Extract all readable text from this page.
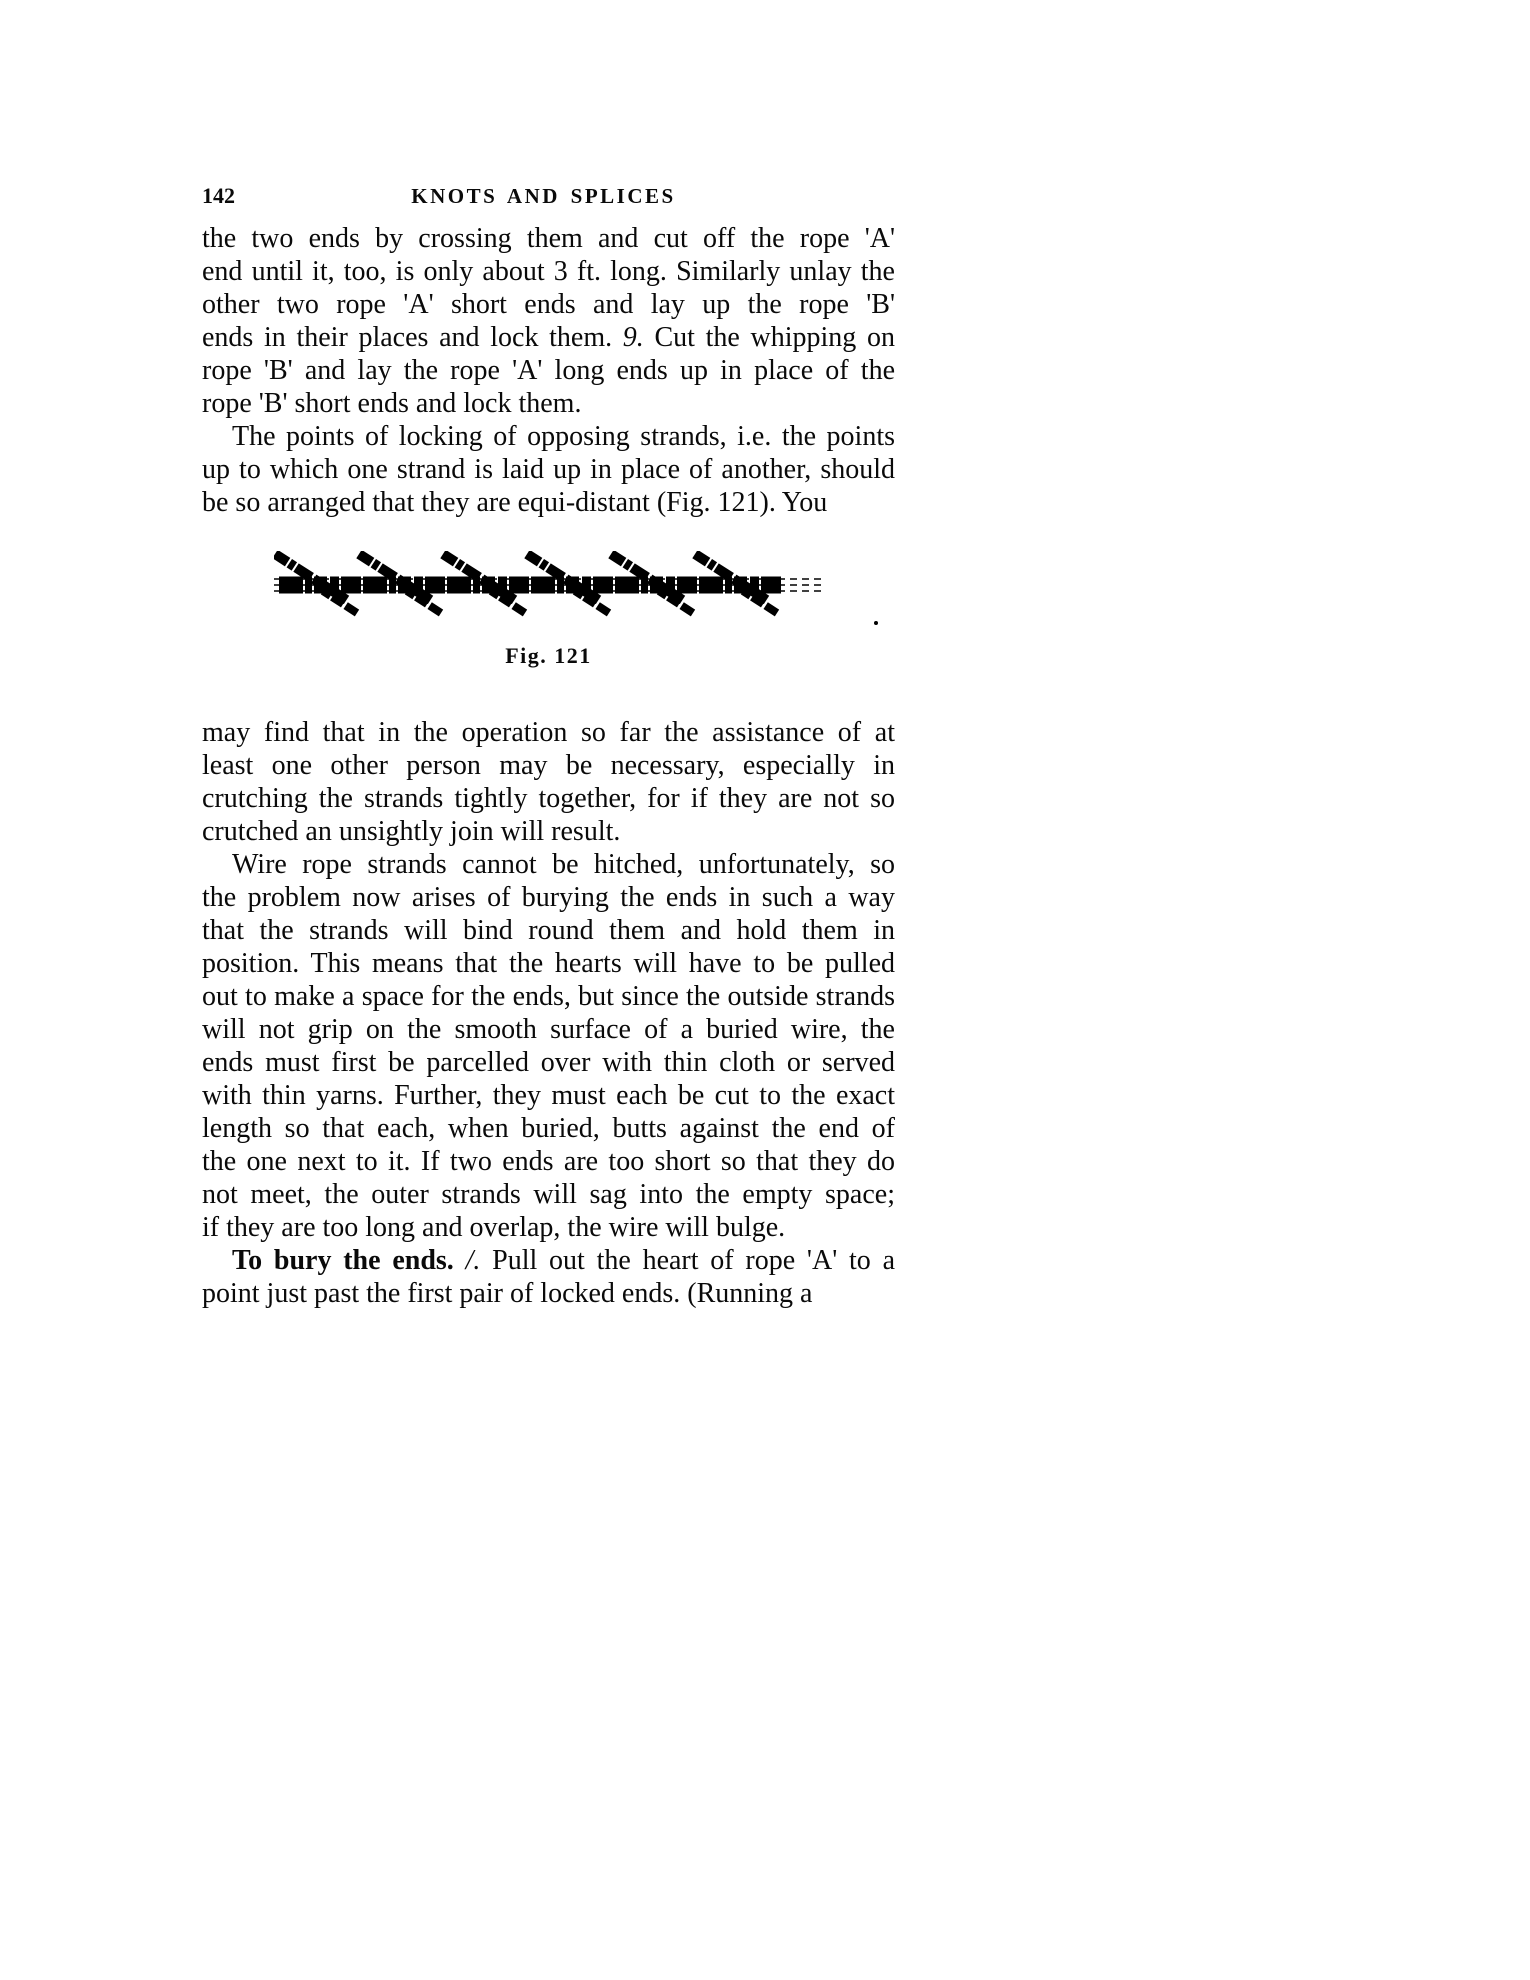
142	KNOTS AND SPLICES
the two ends by crossing them and cut off the rope 'A'
end until it, too, is only about 3 ft. long. Similarly unlay the
other two rope 'A' short ends and lay up the rope 'B'
ends in their places and lock them. 9. Cut the whipping on
rope 'B' and lay the rope 'A' long ends up in place of the
rope 'B' short ends and lock them.
The points of locking of opposing strands, i.e. the points
up to which one strand is laid up in place of another, should
be so arranged that they are equi-distant (Fig. 121). You
Fig. 121
may find that in the operation so far the assistance of at
least one other person may be necessary, especially in
crutching the strands tightly together, for if they are not so
crutched an unsightly join will result.
Wire rope strands cannot be hitched, unfortunately, so
the problem now arises of burying the ends in such a way
that the strands will bind round them and hold them in
position. This means that the hearts will have to be pulled
out to make a space for the ends, but since the outside strands
will not grip on the smooth surface of a buried wire, the
ends must first be parcelled over with thin cloth or served
with thin yarns. Further, they must each be cut to the exact
length so that each, when buried, butts against the end of
the one next to it. If two ends are too short so that they do
not meet, the outer strands will sag into the empty space;
if they are too long and overlap, the wire will bulge.
To bury the ends. /. Pull out the heart of rope 'A' to a
point just past the first pair of locked ends. (Running a
